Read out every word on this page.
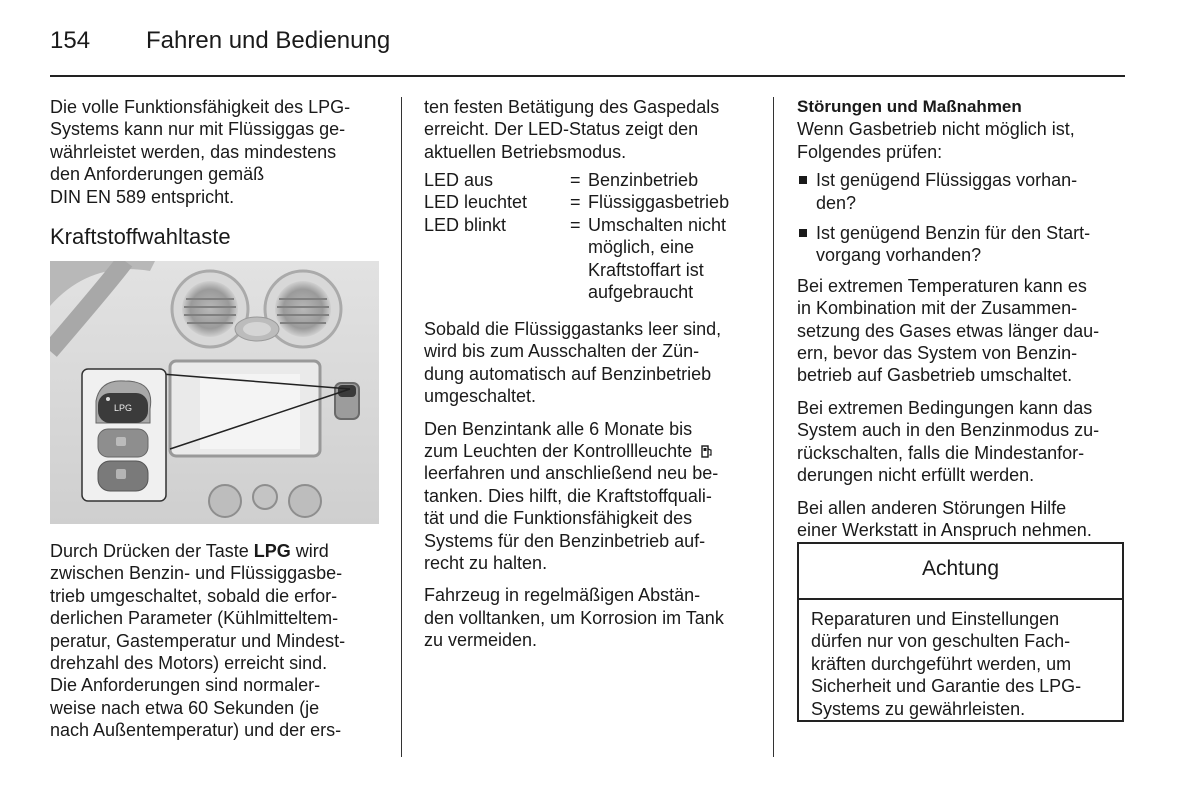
154 Fahren und Bedienung
Die volle Funktionsfähigkeit des LPG-
Systems kann nur mit Flüssiggas ge-
währleistet werden, das mindestens
den Anforderungen gemäß
DIN EN 589 entspricht.
Kraftstoffwahltaste
LPG
Durch Drücken der Taste LPG wird
zwischen Benzin- und Flüssiggasbe-
trieb umgeschaltet, sobald die erfor-
derlichen Parameter (Kühlmitteltem-
peratur, Gastemperatur und Mindest-
drehzahl des Motors) erreicht sind.
Die Anforderungen sind normaler-
weise nach etwa 60 Sekunden (je
nach Außentemperatur) und der ers-
ten festen Betätigung des Gaspedals
erreicht. Der LED-Status zeigt den
aktuellen Betriebsmodus.
LED aus	= Benzinbetrieb
LED leuchtet = Flüssiggasbetrieb
LED blinkt	= Umschalten nicht
möglich, eine
Kraftstoffart ist
aufgebraucht
Sobald die Flüssiggastanks leer sind,
wird bis zum Ausschalten der Zün-
dung automatisch auf Benzinbetrieb
umgeschaltet.
Den Benzintank alle 6 Monate bis
zum Leuchten der Kontrollleuchte
leerfahren und anschließend neu be-
tanken. Dies hilft, die Kraftstoffquali-
tät und die Funktionsfähigkeit des
Systems für den Benzinbetrieb auf-
recht zu halten.
Fahrzeug in regelmäßigen Abstän-
den volltanken, um Korrosion im Tank
zu vermeiden.
Störungen und Maßnahmen
Wenn Gasbetrieb nicht möglich ist,
Folgendes prüfen:
Ist genügend Flüssiggas vorhan-
den?
Ist genügend Benzin für den Start-
vorgang vorhanden?
Bei extremen Temperaturen kann es
in Kombination mit der Zusammen-
setzung des Gases etwas länger dau-
ern, bevor das System von Benzin-
betrieb auf Gasbetrieb umschaltet.
Bei extremen Bedingungen kann das
System auch in den Benzinmodus zu-
rückschalten, falls die Mindestanfor-
derungen nicht erfüllt werden.
Bei allen anderen Störungen Hilfe
einer Werkstatt in Anspruch nehmen.
Achtung
Reparaturen und Einstellungen
dürfen nur von geschulten Fach-
kräften durchgeführt werden, um
Sicherheit und Garantie des LPG-
Systems zu gewährleisten.
